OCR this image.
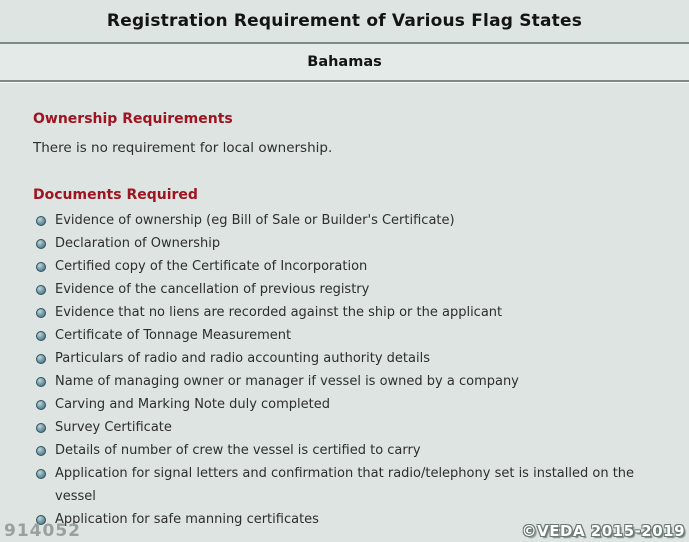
Registration Requirement of Various Flag States
Bahamas
Ownership Requirements

There is no requirement for local ownership.

Documents Required
Evidence of ownership (eg Bill of Sale or Builder's Certificate)
Declaration of Ownership
Certified copy of the Certificate of Incorporation
Evidence of the cancellation of previous registry
Evidence that no liens are recorded against the ship or the applicant
Certificate of Tonnage Measurement
Particulars of radio and radio accounting authority details
Name of managing owner or manager if vessel is owned by a company
Carving and Marking Note duly completed
Survey Certificate
Details of number of crew the vessel is certified to carry
Application for signal letters and confirmation that radio/telephony set is installed on the vessel
Application for safe manning certificates
914052	©VEDA 2015-2019
